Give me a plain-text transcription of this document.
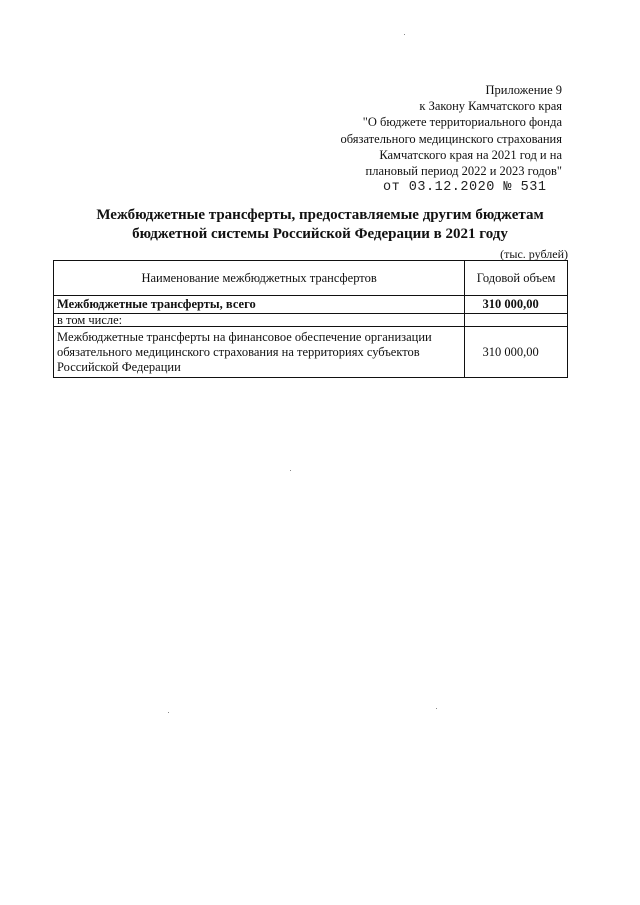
Приложение 9
к Закону Камчатского края
"О бюджете территориального фонда
обязательного медицинского страхования
Камчатского края на 2021 год и на
плановый период 2022 и 2023 годов"
от 03.12.2020 № 531
Межбюджетные трансферты, предоставляемые другим бюджетам
бюджетной системы Российской Федерации в 2021 году
(тыс. рублей)
Наименование межбюджетных трансфертов	Годовой объем
Межбюджетные трансферты, всего	310 000,00
в том числе:	
Межбюджетные трансферты на финансовое обеспечение организации обязательного медицинского страхования на территориях субъектов Российской Федерации	310 000,00
